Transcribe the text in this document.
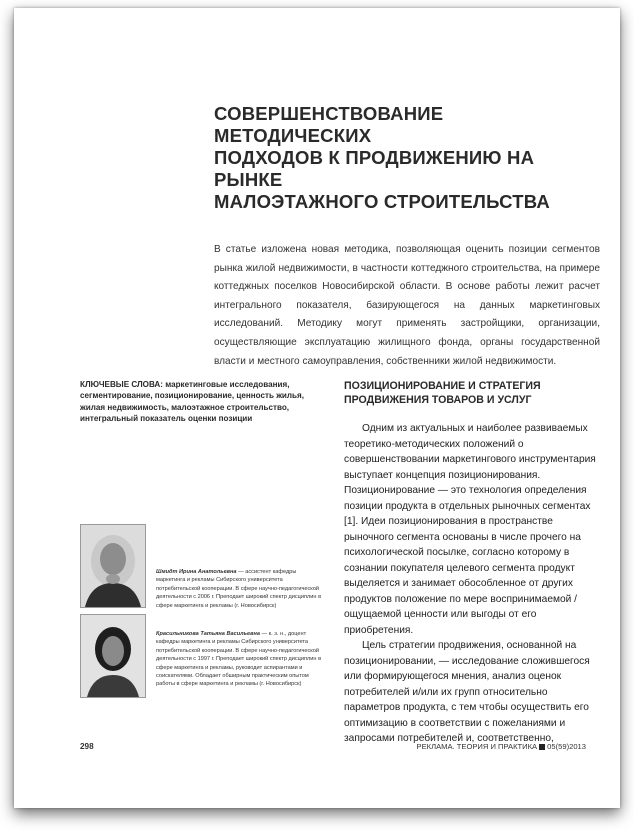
СОВЕРШЕНСТВОВАНИЕ МЕТОДИЧЕСКИХ
ПОДХОДОВ К ПРОДВИЖЕНИЮ НА РЫНКЕ
МАЛОЭТАЖНОГО СТРОИТЕЛЬСТВА

В статье изложена новая методика, позволяющая оценить позиции сегментов рынка жилой недвижимости, в частности коттеджного строительства, на примере коттеджных поселков Новосибирской области. В основе работы лежит расчет интегрального показателя, базирующегося на данных маркетинговых исследований. Методику могут применять застройщики, организации, осуществляющие эксплуатацию жилищного фонда, органы государственной власти и местного самоуправления, собственники жилой недвижимости.

КЛЮЧЕВЫЕ СЛОВА: маркетинговые исследования, сегментирование, позиционирование, ценность жилья, жилая недвижимость, малоэтажное строительство, интегральный показатель оценки позиции

ПОЗИЦИОНИРОВАНИЕ И СТРАТЕГИЯ
ПРОДВИЖЕНИЯ ТОВАРОВ И УСЛУГ

Одним из актуальных и наиболее развиваемых теоретико-методических положений о совершенствовании маркетингового инструментария выступает концепция позиционирования. Позиционирование — это технология определения позиции продукта в отдельных рыночных сегментах [1]. Идеи позиционирования в пространстве рыночного сегмента основаны в числе прочего на психологической посылке, согласно которому в сознании покупателя целевого сегмента продукт выделяется и занимает обособленное от других продуктов положение по мере воспринимаемой / ощущаемой ценности или выгоды от его приобретения.

Цель стратегии продвижения, основанной на позиционировании, — исследование сложившегося или формирующегося мнения, анализ оценок потребителей и/или их групп относительно параметров продукта, с тем чтобы осуществить его оптимизацию в соответствии с пожеланиями и запросами потребителей и, соответственно,

Шмидт Ирина Анатольевна — ассистент кафедры маркетинга и рекламы Сибирского университета потребительской кооперации. В сфере научно-педагогической деятельности с 2006 г. Преподает широкий спектр дисциплин в сфере маркетинга и рекламы (г. Новосибирск)

Красильникова Татьяна Васильевна — к. э. н., доцент кафедры маркетинга и рекламы Сибирского университета потребительской кооперации. В сфере научно-педагогической деятельности с 1997 г. Преподает широкий спектр дисциплин в сфере маркетинга и рекламы, руководит аспирантами и соискателями. Обладает обширным практическим опытом работы в сфере маркетинга и рекламы (г. Новосибирск)

298	РЕКЛАМА. ТЕОРИЯ И ПРАКТИКА 05(59)2013
